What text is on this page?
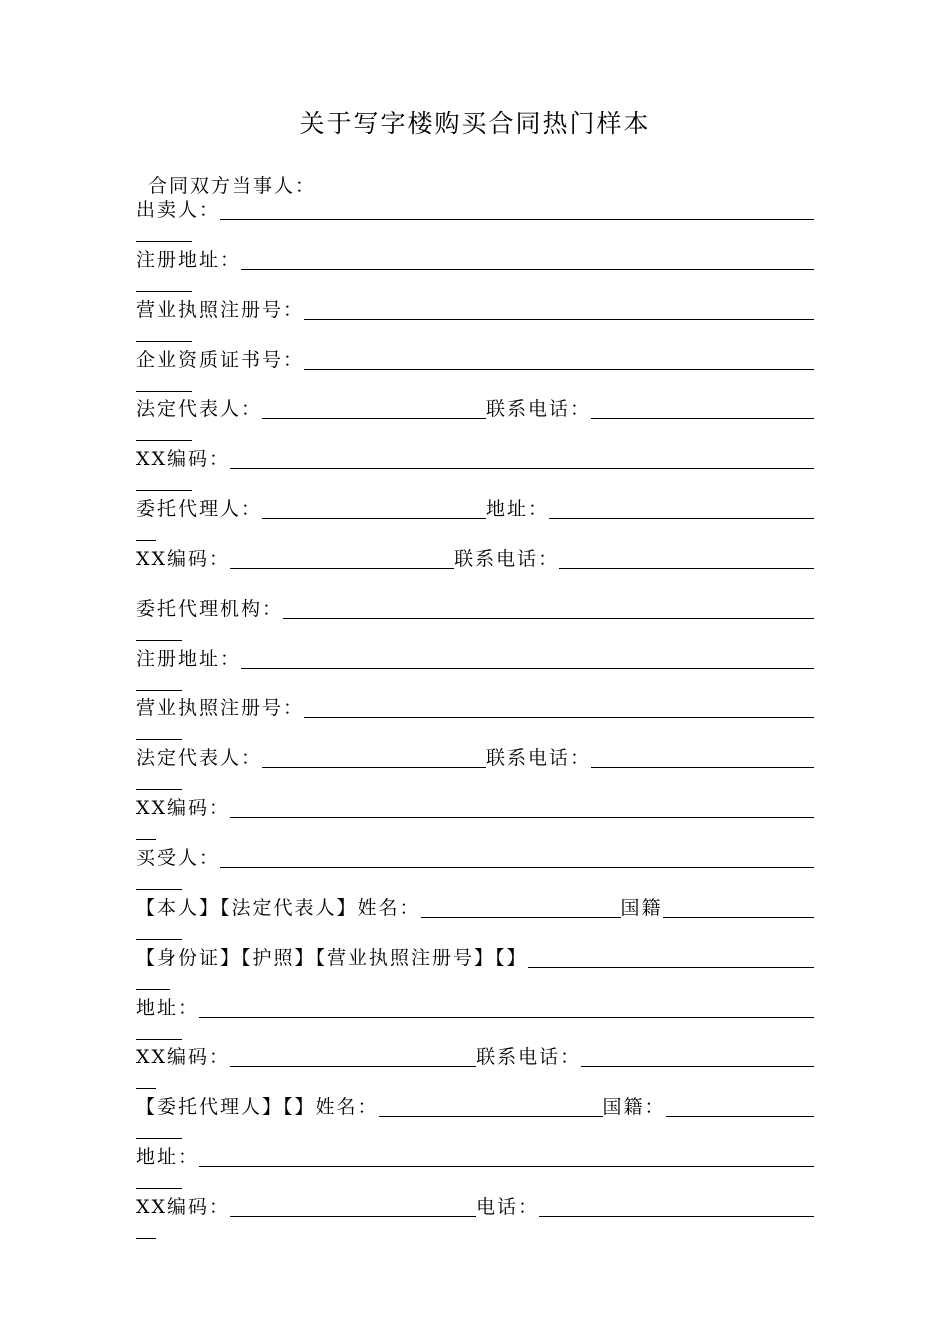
关于写字楼购买合同热门样本
合同双方当事人：
出卖人：
注册地址：
营业执照注册号：
企业资质证书号：
法定代表人：	联系电话：
XX编码：
委托代理人：	地址：
XX编码：	联系电话：
委托代理机构：
注册地址：
营业执照注册号：
法定代表人：	联系电话：
XX编码：
买受人：
【本人】【法定代表人】姓名：	国籍
【身份证】【护照】【营业执照注册号】【】
地址：
XX编码：	联系电话：
【委托代理人】【】姓名：	国籍：
地址：
XX编码：	电话：
